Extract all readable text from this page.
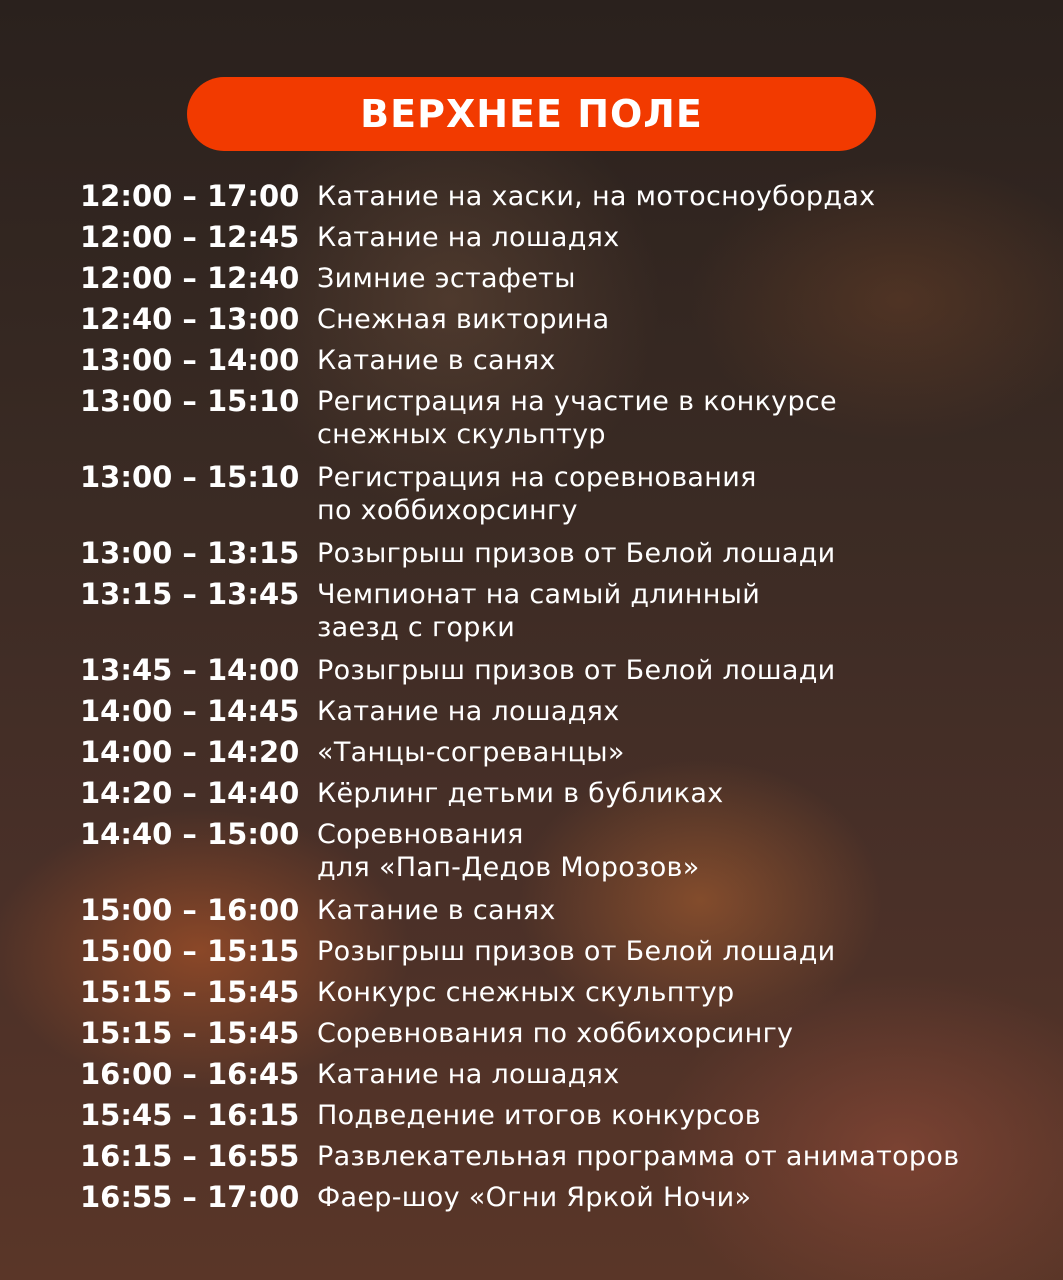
ВЕРХНЕЕ ПОЛЕ
12:00 – 17:00 Катание на хаски, на мотосноубордах
12:00 – 12:45 Катание на лошадях
12:00 – 12:40 Зимние эстафеты
12:40 – 13:00 Снежная викторина
13:00 – 14:00 Катание в санях
13:00 – 15:10 Регистрация на участие в конкурсе
снежных скульптур
13:00 – 15:10 Регистрация на соревнования
по хоббихорсингу
13:00 – 13:15 Розыгрыш призов от Белой лошади
13:15 – 13:45 Чемпионат на самый длинный
заезд с горки
13:45 – 14:00 Розыгрыш призов от Белой лошади
14:00 – 14:45 Катание на лошадях
14:00 – 14:20 «Танцы-согреванцы»
14:20 – 14:40 Кёрлинг детьми в бубликах
14:40 – 15:00 Соревнования
для «Пап-Дедов Морозов»
15:00 – 16:00 Катание в санях
15:00 – 15:15 Розыгрыш призов от Белой лошади
15:15 – 15:45 Конкурс снежных скульптур
15:15 – 15:45 Соревнования по хоббихорсингу
16:00 – 16:45 Катание на лошадях
15:45 – 16:15 Подведение итогов конкурсов
16:15 – 16:55 Развлекательная программа от аниматоров
16:55 – 17:00 Фаер-шоу «Огни Яркой Ночи»
